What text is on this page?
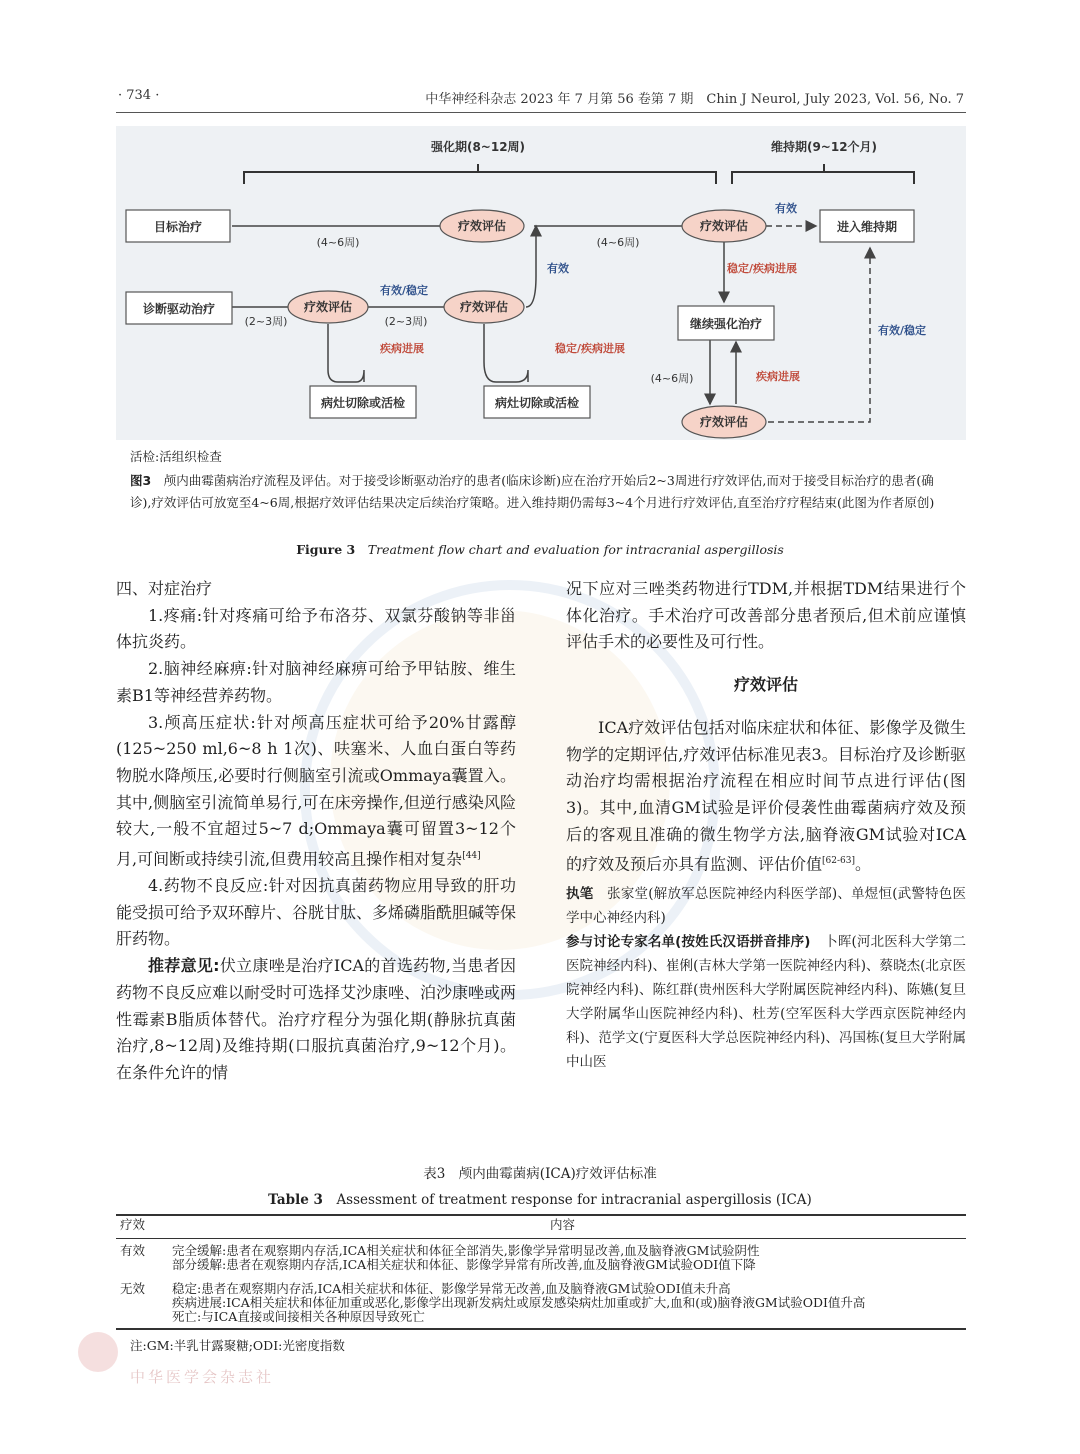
· 734 ·	中华神经科杂志 2023 年 7 月第 56 卷第 7 期　Chin J Neurol, July 2023, Vol. 56, No. 7
强化期(8~12周)	维持期(9~12个月)
目标治疗	进入维持期
诊断驱动治疗
继续强化治疗
病灶切除或活检	病灶切除或活检
疗效评估	疗效评估
疗效评估	疗效评估
疗效评估
(4~6周)	(4~6周)
(2~3周)	(2~3周)
(4~6周)
有效
有效
有效/稳定
有效/稳定
稳定/疾病进展
疾病进展	稳定/疾病进展
疾病进展
活检:活组织检查
图3　 颅内曲霉菌病治疗流程及评估。对于接受诊断驱动治疗的患者(临床诊断)应在治疗开始后2~3周进行疗效评估,而对于接受目标治疗的患者(确诊),疗效评估可放宽至4~6周,根据疗效评估结果决定后续治疗策略。进入维持期仍需每3~4个月进行疗效评估,直至治疗疗程结束(此图为作者原创)
Figure 3　 Treatment flow chart and evaluation for intracranial aspergillosis

四、对症治疗

1.疼痛:针对疼痛可给予布洛芬、双氯芬酸钠等非甾体抗炎药。

2.脑神经麻痹:针对脑神经麻痹可给予甲钴胺、维生素B1等神经营养药物。

3.颅高压症状:针对颅高压症状可给予20%甘露醇(125~250 ml,6~8 h 1次)、呋塞米、人血白蛋白等药物脱水降颅压,必要时行侧脑室引流或Ommaya囊置入。其中,侧脑室引流简单易行,可在床旁操作,但逆行感染风险较大,一般不宜超过5~7 d;Ommaya囊可留置3~12个月,可间断或持续引流,但费用较高且操作相对复杂[44]

4.药物不良反应:针对因抗真菌药物应用导致的肝功能受损可给予双环醇片、谷胱甘肽、多烯磷脂酰胆碱等保肝药物。

推荐意见:伏立康唑是治疗ICA的首选药物,当患者因药物不良反应难以耐受时可选择艾沙康唑、泊沙康唑或两性霉素B脂质体替代。治疗疗程分为强化期(静脉抗真菌治疗,8~12周)及维持期(口服抗真菌治疗,9~12个月)。在条件允许的情

况下应对三唑类药物进行TDM,并根据TDM结果进行个体化治疗。手术治疗可改善部分患者预后,但术前应谨慎评估手术的必要性及可行性。

疗效评估

ICA疗效评估包括对临床症状和体征、影像学及微生物学的定期评估,疗效评估标准见表3。目标治疗及诊断驱动治疗均需根据治疗流程在相应时间节点进行评估(图3)。其中,血清GM试验是评价侵袭性曲霉菌病疗效及预后的客观且准确的微生物学方法,脑脊液GM试验对ICA的疗效及预后亦具有监测、评估价值[62-63]。

执笔　 张家堂(解放军总医院神经内科医学部)、单煜恒(武警特色医学中心神经内科)

参与讨论专家名单(按姓氏汉语拼音排序)　 卜晖(河北医科大学第二医院神经内科)、崔俐(吉林大学第一医院神经内科)、蔡晓杰(北京医院神经内科)、陈红群(贵州医科大学附属医院神经内科)、陈嬿(复旦大学附属华山医院神经内科)、杜芳(空军医科大学西京医院神经内科)、范学文(宁夏医科大学总医院神经内科)、冯国栋(复旦大学附属中山医

表3　颅内曲霉菌病(ICA)疗效评估标准
Table 3　 Assessment of treatment response for intracranial aspergillosis (ICA)
疗效	内容
有效 完全缓解:患者在观察期内存活,ICA相关症状和体征全部消失,影像学异常明显改善,血及脑脊液GM试验阴性
部分缓解:患者在观察期内存活,ICA相关症状和体征、影像学异常有所改善,血及脑脊液GM试验ODI值下降
无效 稳定:患者在观察期内存活,ICA相关症状和体征、影像学异常无改善,血及脑脊液GM试验ODI值未升高
疾病进展:ICA相关症状和体征加重或恶化,影像学出现新发病灶或原发感染病灶加重或扩大,血和(或)脑脊液GM试验ODI值升高
死亡:与ICA直接或间接相关各种原因导致死亡
注:GM:半乳甘露聚糖;ODI:光密度指数
中华医学会杂志社
